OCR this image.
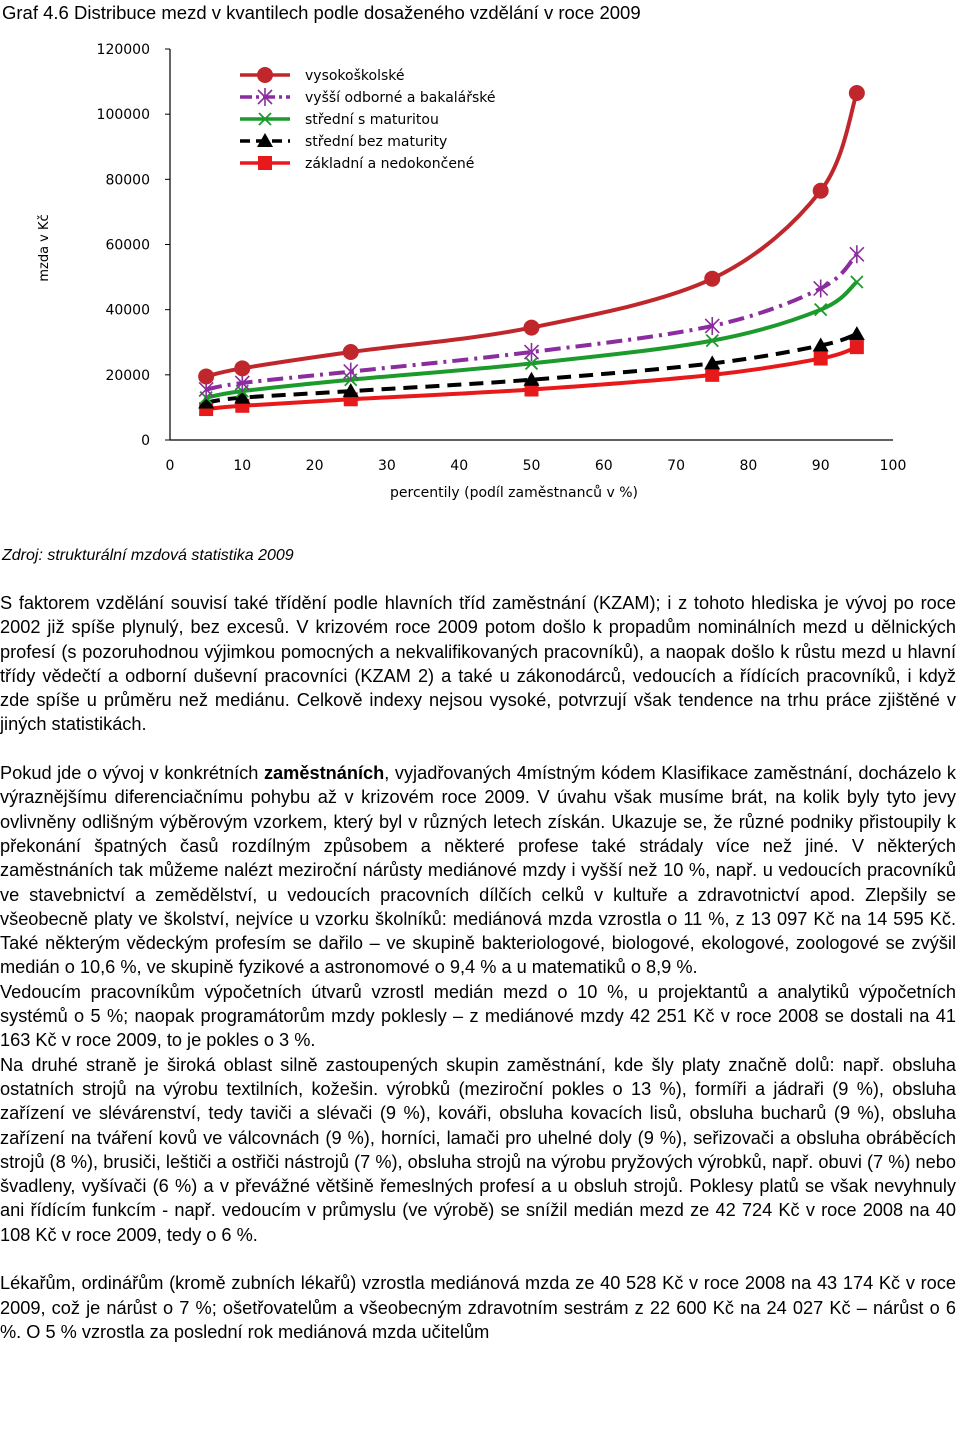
Graf 4.6 Distribuce mezd v kvantilech podle dosaženého vzdělání v roce 2009
0
20000
40000
60000
80000
100000
120000
0	10	20	30	40	50	60	70	80	90	100
percentily (podíl zaměstnanců v %)
mzda v Kč
vysokoškolské
vyšší odborné a bakalářské
střední s maturitou
střední bez maturity
základní a nedokončené
Zdroj: strukturální mzdová statistika 2009

S faktorem vzdělání souvisí také třídění podle hlavních tříd zaměstnání (KZAM); i z tohoto hlediska je vývoj po roce 2002 již spíše plynulý, bez excesů. V krizovém roce 2009 potom došlo k propadům nominálních mezd u dělnických profesí (s pozoruhodnou výjimkou pomocných a nekvalifikovaných pracovníků), a naopak došlo k růstu mezd u hlavní třídy vědečtí a odborní duševní pracovníci (KZAM 2) a také u zákonodárců, vedoucích a řídících pracovníků, i když zde spíše u průměru než mediánu. Celkově indexy nejsou vysoké, potvrzují však tendence na trhu práce zjištěné v jiných statistikách.

Pokud jde o vývoj v konkrétních zaměstnáních, vyjadřovaných 4místným kódem Klasifikace zaměstnání, docházelo k výraznějšímu diferenciačnímu pohybu až v krizovém roce 2009. V úvahu však musíme brát, na kolik byly tyto jevy ovlivněny odlišným výběrovým vzorkem, který byl v různých letech získán. Ukazuje se, že různé podniky přistoupily k překonání špatných časů rozdílným způsobem a některé profese také strádaly více než jiné. V některých zaměstnáních tak můžeme nalézt meziroční nárůsty mediánové mzdy i vyšší než 10 %, např. u vedoucích pracovníků ve stavebnictví a zemědělství, u vedoucích pracovních dílčích celků v kultuře a zdravotnictví apod. Zlepšily se všeobecně platy ve školství, nejvíce u vzorku školníků: mediánová mzda vzrostla o 11 %, z 13 097 Kč na 14 595 Kč. Také některým vědeckým profesím se dařilo – ve skupině bakteriologové, biologové, ekologové, zoologové se zvýšil medián o 10,6 %, ve skupině fyzikové a astronomové o 9,4 % a u matematiků o 8,9 %.

Vedoucím pracovníkům výpočetních útvarů vzrostl medián mezd o 10 %, u projektantů a analytiků výpočetních systémů o 5 %; naopak programátorům mzdy poklesly – z mediánové mzdy 42 251 Kč v roce 2008 se dostali na 41 163 Kč v roce 2009, to je pokles o 3 %.

Na druhé straně je široká oblast silně zastoupených skupin zaměstnání, kde šly platy značně dolů: např. obsluha ostatních strojů na výrobu textilních, kožešin. výrobků (meziroční pokles o 13 %), formíři a jádraři (9 %), obsluha zařízení ve slévárenství, tedy taviči a slévači (9 %), kováři, obsluha kovacích lisů, obsluha bucharů (9 %), obsluha zařízení na tváření kovů ve válcovnách (9 %), horníci, lamači pro uhelné doly (9 %), seřizovači a obsluha obráběcích strojů (8 %), brusiči, leštiči a ostřiči nástrojů (7 %), obsluha strojů na výrobu pryžových výrobků, např. obuvi (7 %) nebo švadleny, vyšívači (6 %) a v převážné většině řemeslných profesí a u obsluh strojů. Poklesy platů se však nevyhnuly ani řídícím funkcím - např. vedoucím v průmyslu (ve výrobě) se snížil medián mezd ze 42 724 Kč v roce 2008 na 40 108 Kč v roce 2009, tedy o 6 %.

Lékařům, ordinářům (kromě zubních lékařů) vzrostla mediánová mzda ze 40 528 Kč v roce 2008 na 43 174 Kč v roce 2009, což je nárůst o 7 %; ošetřovatelům a všeobecným zdravotním sestrám z 22 600 Kč na 24 027 Kč – nárůst o 6 %. O 5 % vzrostla za poslední rok mediánová mzda učitelům
